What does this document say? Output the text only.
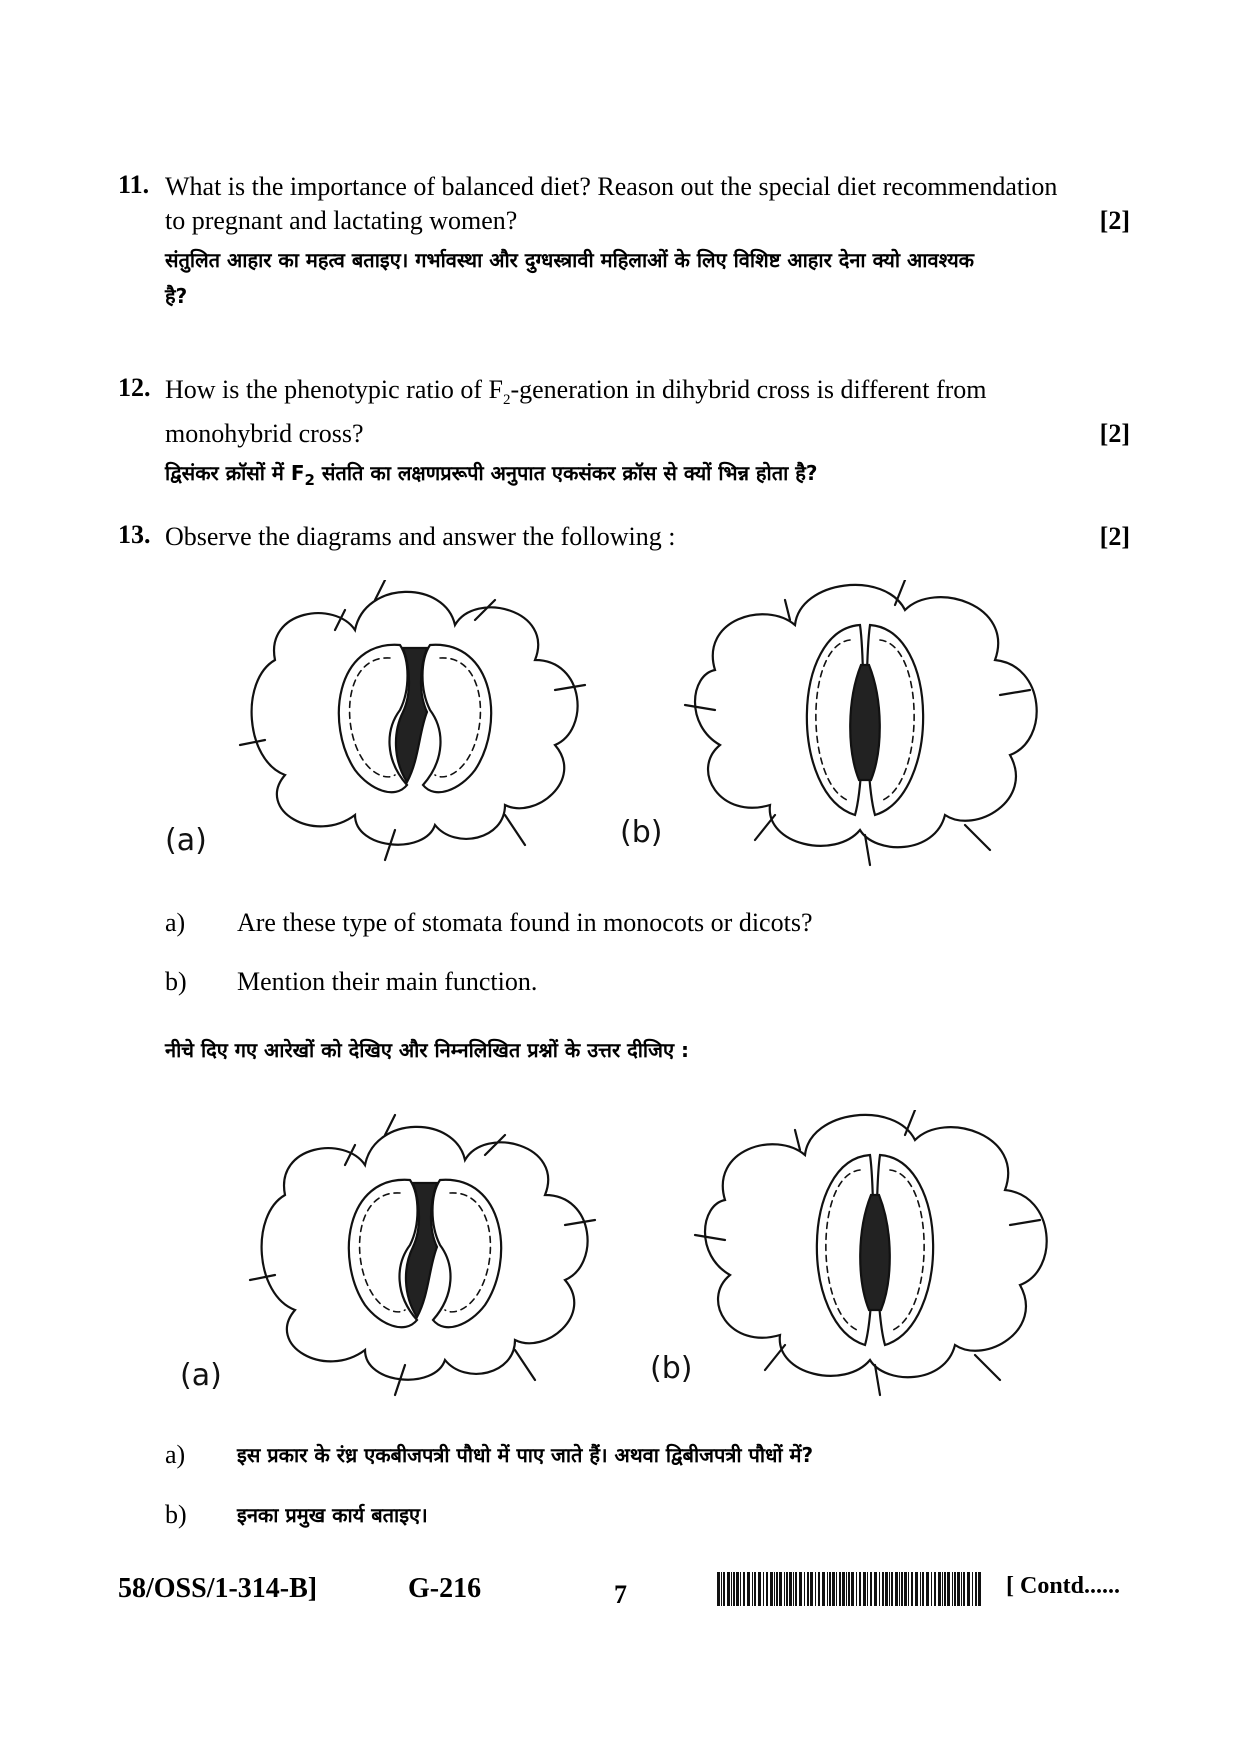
11. What is the importance of balanced diet? Reason out the special diet recommendation
to pregnant and lactating women?	[2]
संतुलित आहार का महत्व बताइए। गर्भावस्था और दुग्धस्त्रावी महिलाओं के लिए विशिष्ट आहार देना क्यो आवश्यक
है?
12. How is the phenotypic ratio of $F_2$-generation in dihybrid cross is different from
monohybrid cross?	[2]
द्विसंकर क्रॉसों में $F_2$ संतति का लक्षणप्ररूपी अनुपात एकसंकर क्रॉस से क्यों भिन्न होता है?
13. Observe the diagrams and answer the following :	[2]
(a)	(b)
a) Are these type of stomata found in monocots or dicots?
b) Mention their main function.
नीचे दिए गए आरेखों को देखिए और निम्नलिखित प्रश्नों के उत्तर दीजिए :
(a)	(b)
a)	इस प्रकार के रंध्र एकबीजपत्री पौधो में पाए जाते हैं। अथवा द्विबीजपत्री पौधों में?
b)	इनका प्रमुख कार्य बताइए।
58/OSS/1-314-B]	G-216	7	[ Contd......
